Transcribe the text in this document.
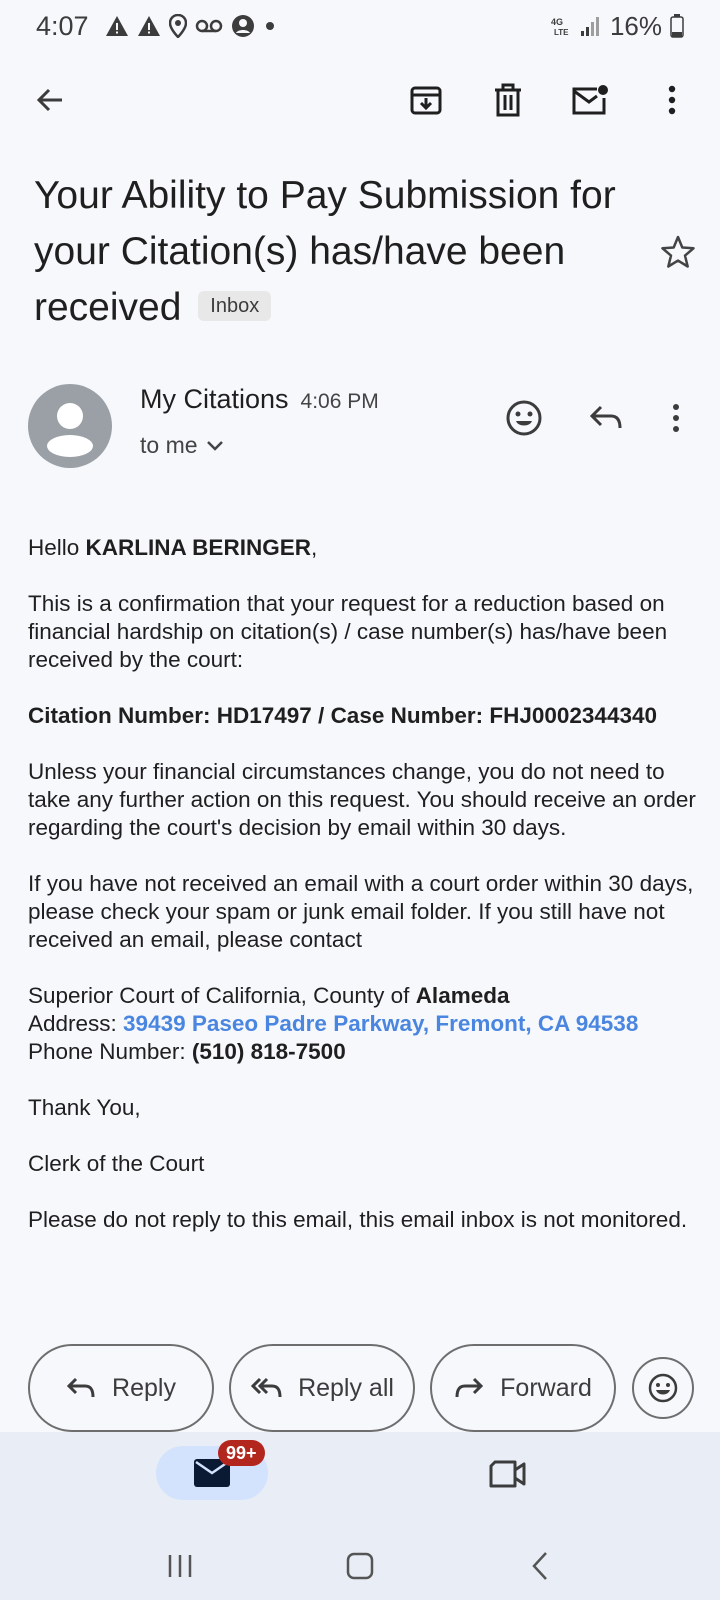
4:07	4G
LTE 16%
Your Ability to Pay Submission for your Citation(s) has/have been received Inbox
My Citations 4:06 PM
to me

Hello KARLINA BERINGER,

This is a confirmation that your request for a reduction based on financial hardship on citation(s) / case number(s) has/have been received by the court:

Citation Number: HD17497 / Case Number: FHJ0002344340

Unless your financial circumstances change, you do not need to take any further action on this request. You should receive an order regarding the court's decision by email within 30 days.

If you have not received an email with a court order within 30 days, please check your spam or junk email folder. If you still have not received an email, please contact

Superior Court of California, County of Alameda
Address: 39439 Paseo Padre Parkway, Fremont, CA 94538
Phone Number: (510) 818-7500

Thank You,

Clerk of the Court

Please do not reply to this email, this email inbox is not monitored.

Reply	Reply all	Forward
99+
